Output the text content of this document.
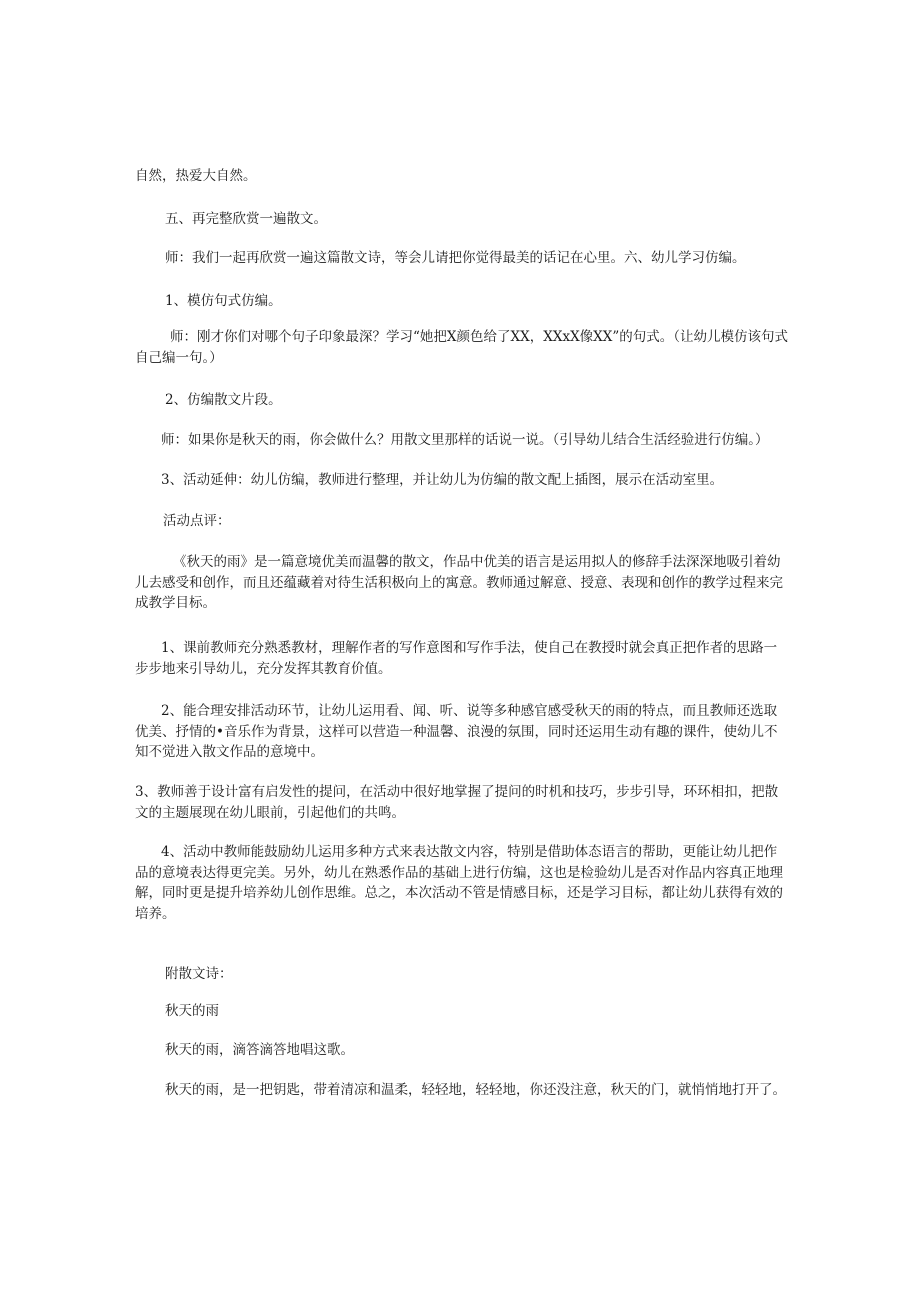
自然，热爱大自然。

五、再完整欣赏一遍散文。

师：我们一起再欣赏一遍这篇散文诗，等会儿请把你觉得最美的话记在心里。六、幼儿学习仿编。

1、模仿句式仿编。

师：刚才你们对哪个句子印象最深？学习“她把X颜色给了XX，XXxX像XX”的句式。（让幼儿模仿该句式自己编一句。）

2、仿编散文片段。

师：如果你是秋天的雨，你会做什么？用散文里那样的话说一说。（引导幼儿结合生活经验进行仿编。）

3、活动延伸：幼儿仿编，教师进行整理，并让幼儿为仿编的散文配上插图，展示在活动室里。

活动点评：

《秋天的雨》是一篇意境优美而温馨的散文，作品中优美的语言是运用拟人的修辞手法深深地吸引着幼儿去感受和创作，而且还蕴藏着对待生活积极向上的寓意。教师通过解意、授意、表现和创作的教学过程来完成教学目标。

1、课前教师充分熟悉教材，理解作者的写作意图和写作手法，使自己在教授时就会真正把作者的思路一步步地来引导幼儿，充分发挥其教育价值。

2、能合理安排活动环节，让幼儿运用看、闻、听、说等多种感官感受秋天的雨的特点，而且教师还选取优美、抒情的•音乐作为背景，这样可以营造一种温馨、浪漫的氛围，同时还运用生动有趣的课件，使幼儿不知不觉进入散文作品的意境中。

3、教师善于设计富有启发性的提问，在活动中很好地掌握了提问的时机和技巧，步步引导，环环相扣，把散文的主题展现在幼儿眼前，引起他们的共鸣。

4、活动中教师能鼓励幼儿运用多种方式来表达散文内容，特别是借助体态语言的帮助，更能让幼儿把作品的意境表达得更完美。另外，幼儿在熟悉作品的基础上进行仿编，这也是检验幼儿是否对作品内容真正地理解，同时更是提升培养幼儿创作思维。总之，本次活动不管是情感目标，还是学习目标，都让幼儿获得有效的培养。

附散文诗：

秋天的雨

秋天的雨，滴答滴答地唱这歌。

秋天的雨，是一把钥匙，带着清凉和温柔，轻轻地，轻轻地，你还没注意，秋天的门，就悄悄地打开了。
